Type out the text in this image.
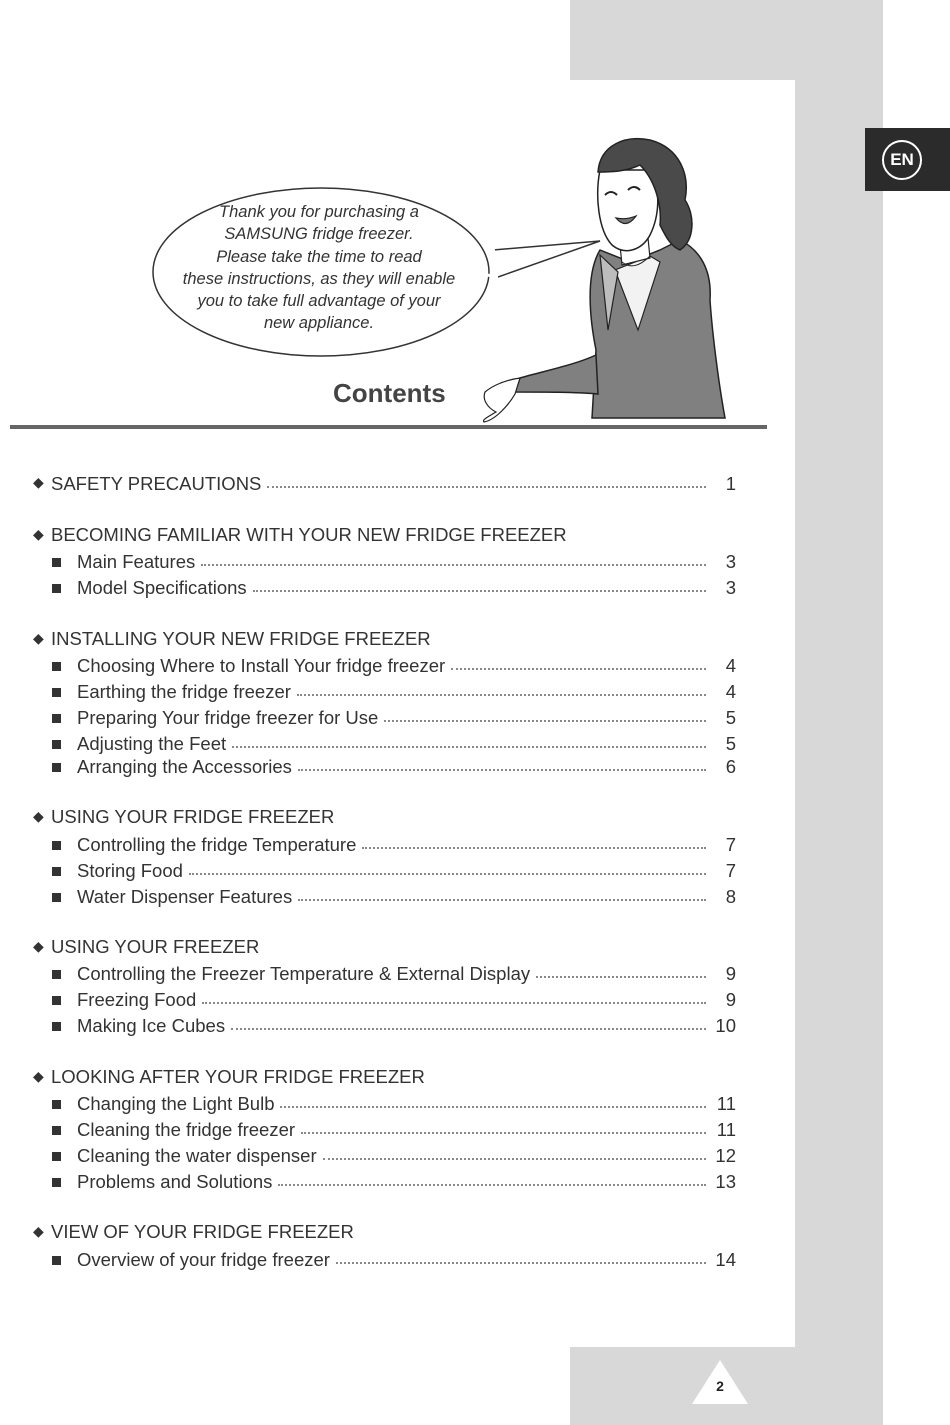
EN
Thank you for purchasing a
SAMSUNG fridge freezer.
Please take the time to read
these instructions, as they will enable
you to take full advantage of your
new appliance.
Contents
◆ SAFETY PRECAUTIONS	1
◆ BECOMING FAMILIAR WITH YOUR NEW FRIDGE FREEZER
Main Features	3
Model Specifications	3
◆ INSTALLING YOUR NEW FRIDGE FREEZER
Choosing Where to Install Your fridge freezer	4
Earthing the fridge freezer	4
Preparing Your fridge freezer for Use	5
Adjusting the Feet	5
Arranging the Accessories	6
◆ USING YOUR FRIDGE FREEZER
Controlling the fridge Temperature	7
Storing Food	7
Water Dispenser Features	8
◆ USING YOUR FREEZER
Controlling the Freezer Temperature & External Display	9
Freezing Food	9
Making Ice Cubes	10
◆ LOOKING AFTER YOUR FRIDGE FREEZER
Changing the Light Bulb	11
Cleaning the fridge freezer	11
Cleaning the water dispenser	12
Problems and Solutions	13
◆ VIEW OF YOUR FRIDGE FREEZER
Overview of your fridge freezer	14
2
